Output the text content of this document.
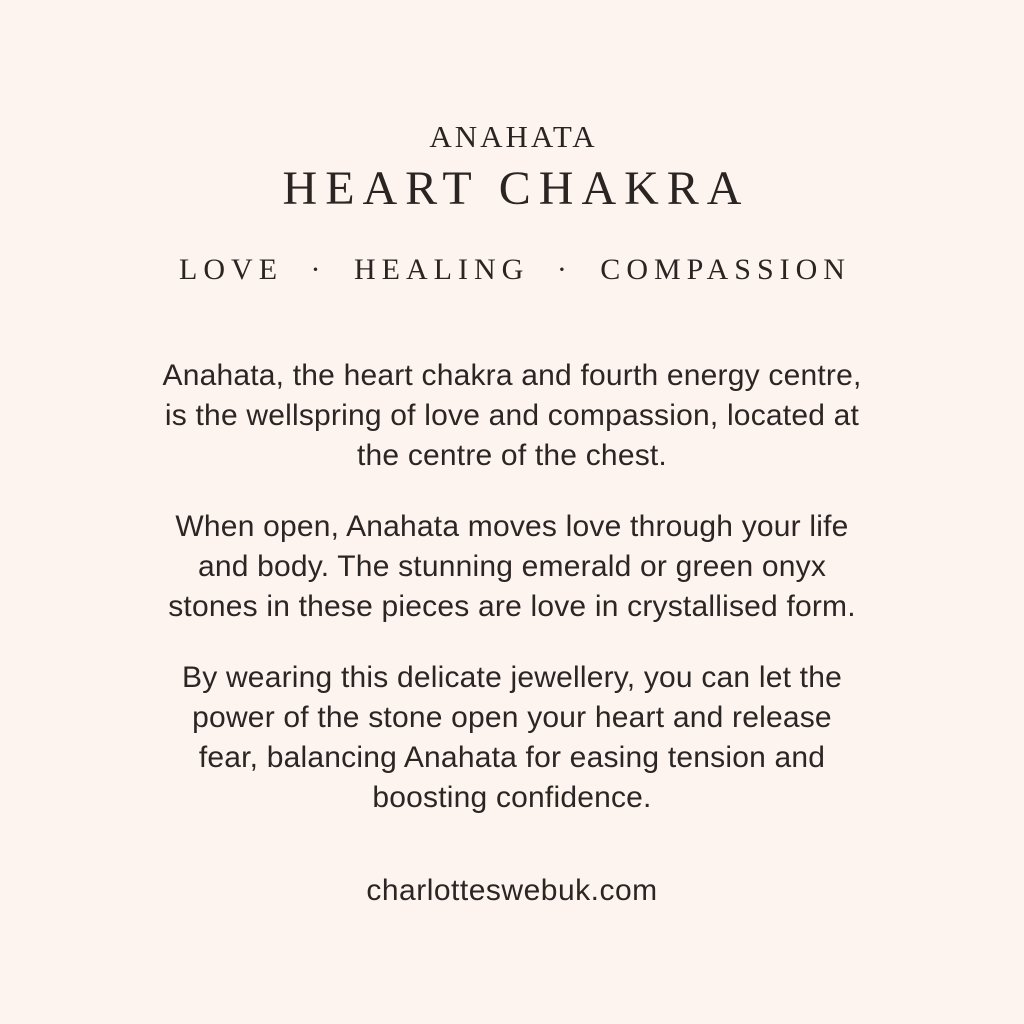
ANAHATA
HEART CHAKRA
LOVE · HEALING · COMPASSION

Anahata, the heart chakra and fourth energy centre,
is the wellspring of love and compassion, located at
the centre of the chest.

When open, Anahata moves love through your life
and body. The stunning emerald or green onyx
stones in these pieces are love in crystallised form.

By wearing this delicate jewellery, you can let the
power of the stone open your heart and release
fear, balancing Anahata for easing tension and
boosting confidence.

charlotteswebuk.com
